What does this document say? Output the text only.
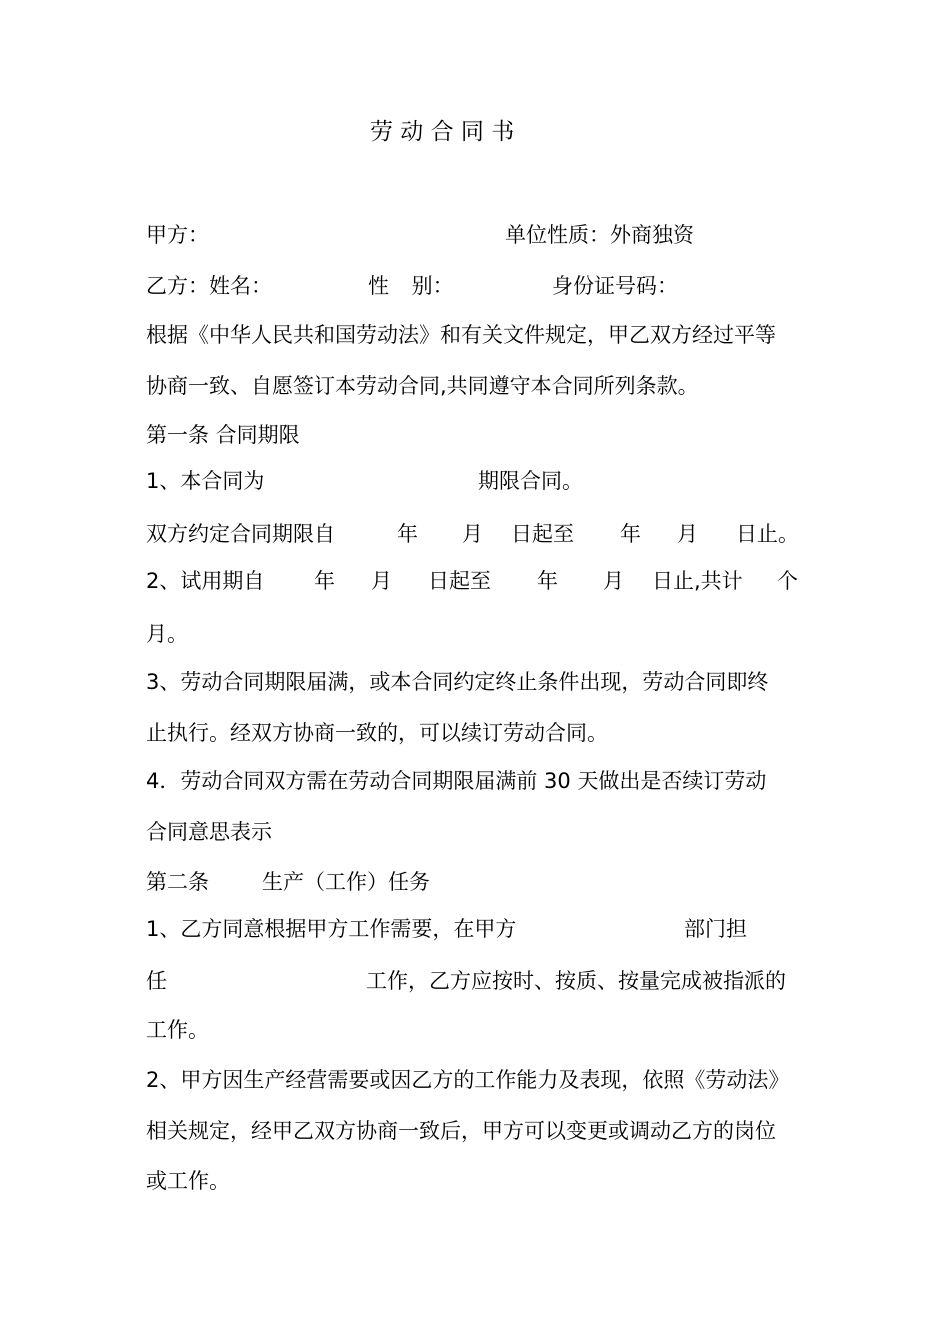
劳 动 合 同 书
甲方：	单位性质：外商独资
乙方：姓名：	性 别：	身份证号码：
根据《中华人民共和国劳动法》和有关文件规定，甲乙双方经过平等
协商一致、自愿签订本劳动合同,共同遵守本合同所列条款。
第一条 合同期限
1、本合同为	期限合同。
双方约定合同期限自	年 月 日起至 年 月 日止。
2、试用期自 年 月 日起至 年 月 日止,共计 个
月。
3、劳动合同期限届满，或本合同约定终止条件出现，劳动合同即终
止执行。经双方协商一致的，可以续订劳动合同。
4．劳动合同双方需在劳动合同期限届满前 30 天做出是否续订劳动
合同意思表示
第二条	生产（工作）任务
1、乙方同意根据甲方工作需要，在甲方	部门担
任	工作，乙方应按时、按质、按量完成被指派的
工作。
2、甲方因生产经营需要或因乙方的工作能力及表现，依照《劳动法》
相关规定，经甲乙双方协商一致后，甲方可以变更或调动乙方的岗位
或工作。
